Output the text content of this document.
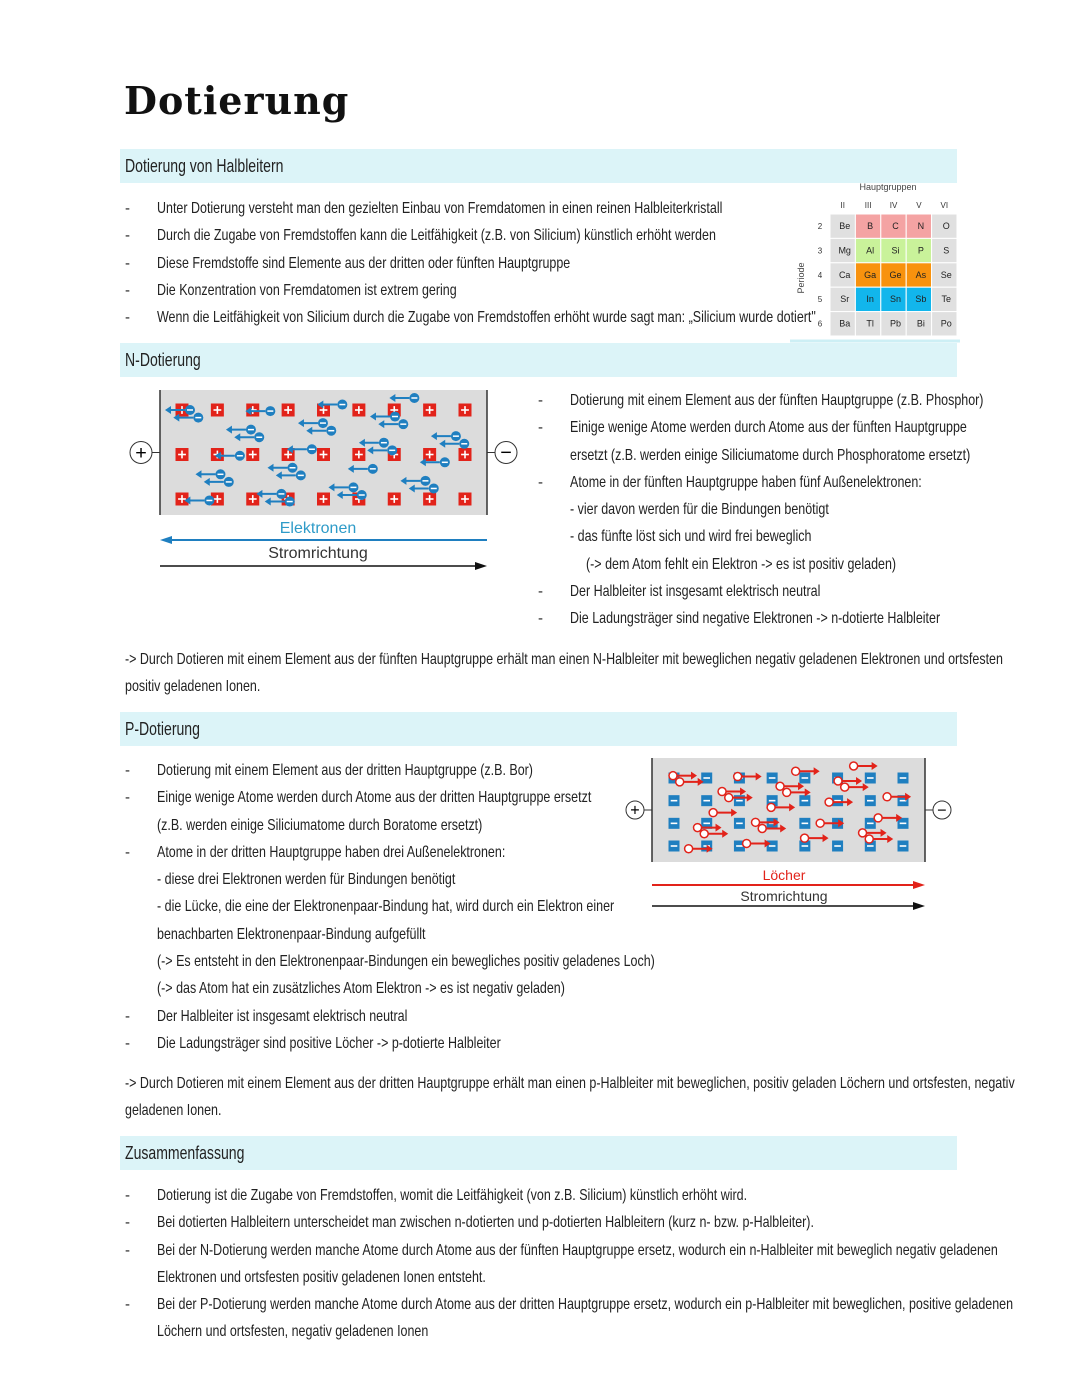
Dotierung
Dotierung von Halbleitern
- Unter Dotierung versteht man den gezielten Einbau von Fremdatomen in einen reinen Halbleiterkristall
- Durch die Zugabe von Fremdstoffen kann die Leitfähigkeit (z.B. von Silicium) künstlich erhöht werden
- Diese Fremdstoffe sind Elemente aus der dritten oder fünften Hauptgruppe
- Die Konzentration von Fremdatomen ist extrem gering
- Wenn die Leitfähigkeit von Silicium durch die Zugabe von Fremdstoffen erhöht wurde sagt man: „Silicium wurde dotiert"
Hauptgruppen
Periode
II III IV V VI
2 Be B C N O
3 Mg Al Si P S
4 Ca Ga Ge As Se
5 Sr In Sn Sb Te
6 Ba Tl Pb Bi Po
N-Dotierung
+	−
Elektronen
Stromrichtung
- Dotierung mit einem Element aus der fünften Hauptgruppe (z.B. Phosphor)
- Einige wenige Atome werden durch Atome aus der fünften Hauptgruppe
ersetzt (z.B. werden einige Siliciumatome durch Phosphoratome ersetzt)
- Atome in der fünften Hauptgruppe haben fünf Außenelektronen:
- vier davon werden für die Bindungen benötigt
- das fünfte löst sich und wird frei beweglich
(-> dem Atom fehlt ein Elektron -> es ist positiv geladen)
- Der Halbleiter ist insgesamt elektrisch neutral
- Die Ladungsträger sind negative Elektronen -> n-dotierte Halbleiter
-> Durch Dotieren mit einem Element aus der fünften Hauptgruppe erhält man einen N-Halbleiter mit beweglichen negativ geladenen Elektronen und ortsfesten
positiv geladenen Ionen.
P-Dotierung
- Dotierung mit einem Element aus der dritten Hauptgruppe (z.B. Bor)
- Einige wenige Atome werden durch Atome aus der dritten Hauptgruppe ersetzt
(z.B. werden einige Siliciumatome durch Boratome ersetzt)
- Atome in der dritten Hauptgruppe haben drei Außenelektronen:
- diese drei Elektronen werden für Bindungen benötigt
- die Lücke, die eine der Elektronenpaar-Bindung hat, wird durch ein Elektron einer
benachbarten Elektronenpaar-Bindung aufgefüllt
(-> Es entsteht in den Elektronenpaar-Bindungen ein bewegliches positiv geladenes Loch)
(-> das Atom hat ein zusätzliches Atom Elektron -> es ist negativ geladen)
- Der Halbleiter ist insgesamt elektrisch neutral
- Die Ladungsträger sind positive Löcher -> p-dotierte Halbleiter
+	−
Löcher
Stromrichtung
-> Durch Dotieren mit einem Element aus der dritten Hauptgruppe erhält man einen p-Halbleiter mit beweglichen, positiv geladen Löchern und ortsfesten, negativ
geladenen Ionen.
Zusammenfassung
- Dotierung ist die Zugabe von Fremdstoffen, womit die Leitfähigkeit (von z.B. Silicium) künstlich erhöht wird.
- Bei dotierten Halbleitern unterscheidet man zwischen n-dotierten und p-dotierten Halbleitern (kurz n- bzw. p-Halbleiter).
- Bei der N-Dotierung werden manche Atome durch Atome aus der fünften Hauptgruppe ersetz, wodurch ein n-Halbleiter mit beweglich negativ geladenen
Elektronen und ortsfesten positiv geladenen Ionen entsteht.
- Bei der P-Dotierung werden manche Atome durch Atome aus der dritten Hauptgruppe ersetz, wodurch ein p-Halbleiter mit beweglichen, positive geladenen
Löchern und ortsfesten, negativ geladenen Ionen
